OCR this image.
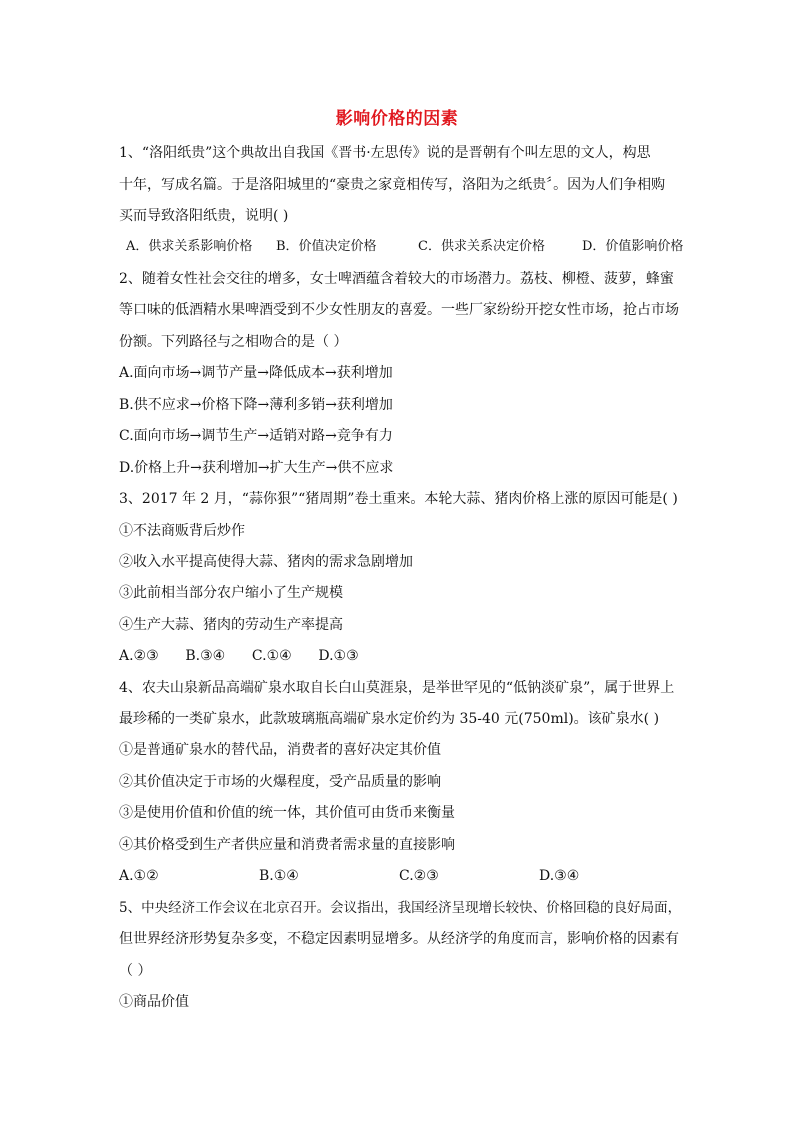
影响价格的因素
1、“洛阳纸贵”这个典故出自我国《晋书·左思传》说的是晋朝有个叫左思的文人，构思
十年，写成名篇。于是洛阳城里的“豪贵之家竟相传写，洛阳为之纸贵〞。因为人们争相购
买而导致洛阳纸贵，说明( )
A．供求关系影响价格 B．价值决定价格	C．供求关系决定价格	D．价值影响价格
2、随着女性社会交往的增多，女士啤酒蕴含着较大的市场潜力。荔枝、柳橙、菠萝，蜂蜜
等口味的低酒精水果啤酒受到不少女性朋友的喜爱。一些厂家纷纷开挖女性市场，抢占市场
份额。下列路径与之相吻合的是（ ）
A.面向市场→调节产量→降低成本→获利增加
B.供不应求→价格下降→薄利多销→获利增加
C.面向市场→调节生产→适销对路→竞争有力
D.价格上升→获利增加→扩大生产→供不应求
3、2017 年 2 月，“蒜你狠”“猪周期”卷土重来。本轮大蒜、猪肉价格上涨的原因可能是( )
①不法商贩背后炒作
②收入水平提高使得大蒜、猪肉的需求急剧增加
③此前相当部分农户缩小了生产规模
④生产大蒜、猪肉的劳动生产率提高
A.②③      B.③④      C.①④      D.①③
4、农夫山泉新品高端矿泉水取自长白山莫涯泉，是举世罕见的“低钠淡矿泉”，属于世界上
最珍稀的一类矿泉水，此款玻璃瓶高端矿泉水定价约为 35-40 元(750ml)。该矿泉水( )
①是普通矿泉水的替代品，消费者的喜好决定其价值
②其价值决定于市场的火爆程度，受产品质量的影响
③是使用价值和价值的统一体，其价值可由货币来衡量
④其价格受到生产者供应量和消费者需求量的直接影响
A.①②	B.①④	C.②③	D.③④
5、中央经济工作会议在北京召开。会议指出，我国经济呈现增长较快、价格回稳的良好局面，
但世界经济形势复杂多变，不稳定因素明显增多。从经济学的角度而言，影响价格的因素有
（ ）
①商品价值
